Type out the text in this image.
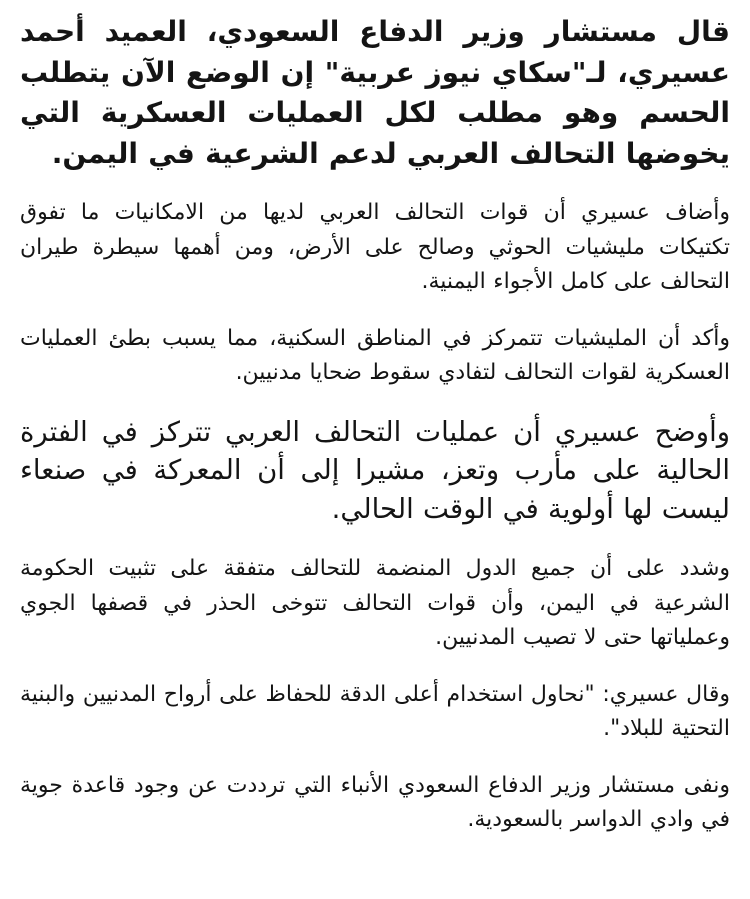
قال مستشار وزير الدفاع السعودي، العميد أحمد عسيري، لـ"سكاي نيوز عربية" إن الوضع الآن يتطلب الحسم وهو مطلب لكل العمليات العسكرية التي يخوضها التحالف العربي لدعم الشرعية في اليمن.

وأضاف عسيري أن قوات التحالف العربي لديها من الامكانيات ما تفوق تكتيكات مليشيات الحوثي وصالح على الأرض، ومن أهمها سيطرة طيران التحالف على كامل الأجواء اليمنية.

وأكد أن المليشيات تتمركز في المناطق السكنية، مما يسبب بطئ العمليات العسكرية لقوات التحالف لتفادي سقوط ضحايا مدنيين.

وأوضح عسيري أن عمليات التحالف العربي تتركز في الفترة الحالية على مأرب وتعز، مشيرا إلى أن المعركة في صنعاء ليست لها أولوية في الوقت الحالي.

وشدد على أن جميع الدول المنضمة للتحالف متفقة على تثبيت الحكومة الشرعية في اليمن، وأن قوات التحالف تتوخى الحذر في قصفها الجوي وعملياتها حتى لا تصيب المدنيين.

وقال عسيري: "نحاول استخدام أعلى الدقة للحفاظ على أرواح المدنيين والبنية التحتية للبلاد".

ونفى مستشار وزير الدفاع السعودي الأنباء التي ترددت عن وجود قاعدة جوية في وادي الدواسر بالسعودية.
